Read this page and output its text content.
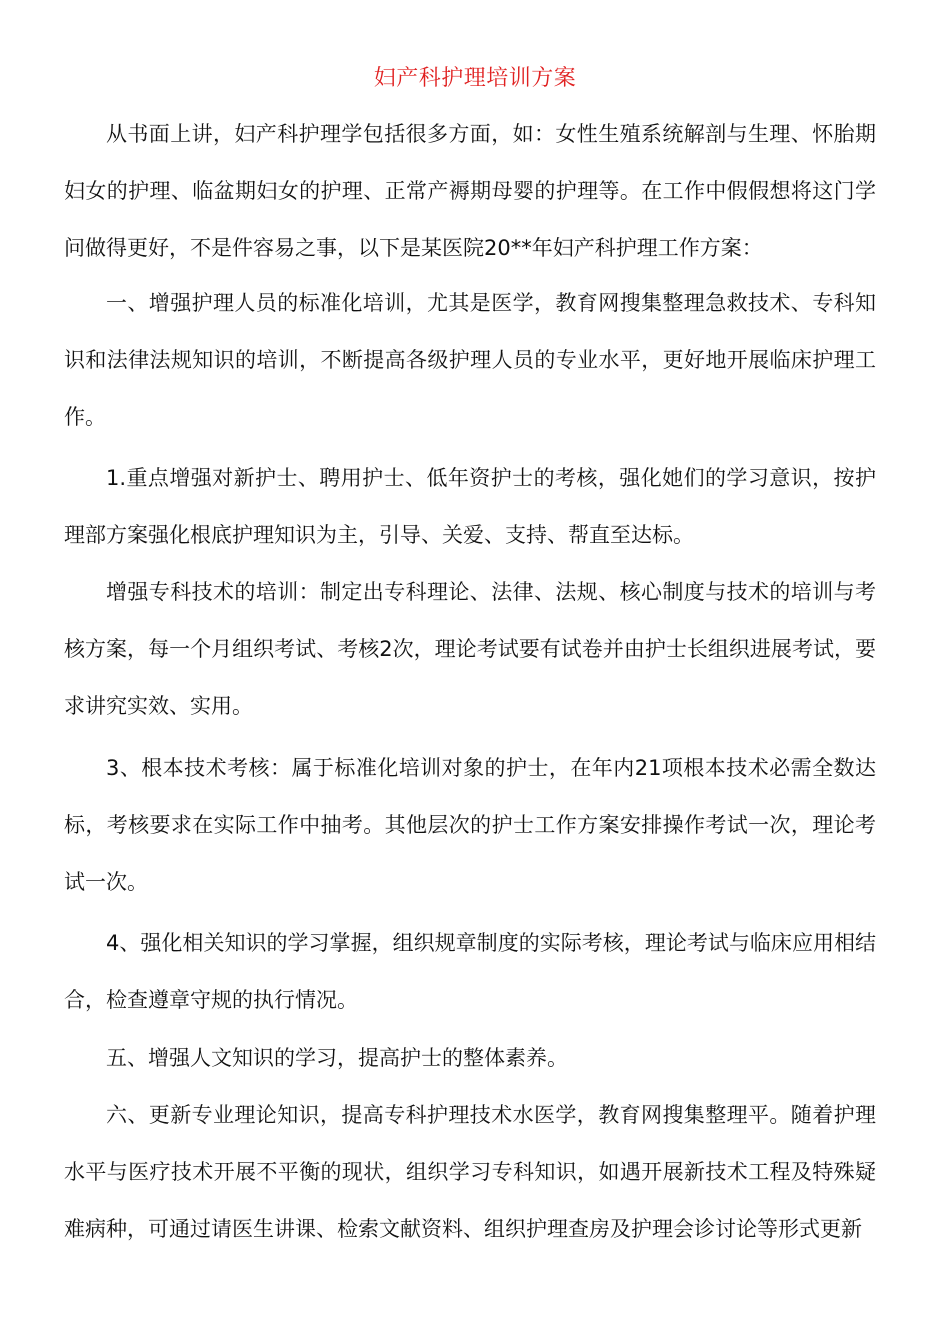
妇产科护理培训方案

从书面上讲，妇产科护理学包括很多方面，如：女性生殖系统解剖与生理、怀胎期妇女的护理、临盆期妇女的护理、正常产褥期母婴的护理等。在工作中假假想将这门学问做得更好，不是件容易之事，以下是某医院20**年妇产科护理工作方案：

一、增强护理人员的标准化培训，尤其是医学，教育网搜集整理急救技术、专科知识和法律法规知识的培训，不断提高各级护理人员的专业水平，更好地开展临床护理工作。

1.重点增强对新护士、聘用护士、低年资护士的考核，强化她们的学习意识，按护理部方案强化根底护理知识为主，引导、关爱、支持、帮直至达标。

增强专科技术的培训：制定出专科理论、法律、法规、核心制度与技术的培训与考核方案，每一个月组织考试、考核2次，理论考试要有试卷并由护士长组织进展考试，要求讲究实效、实用。

3、根本技术考核：属于标准化培训对象的护士，在年内21项根本技术必需全数达标，考核要求在实际工作中抽考。其他层次的护士工作方案安排操作考试一次，理论考试一次。

4、强化相关知识的学习掌握，组织规章制度的实际考核，理论考试与临床应用相结合，检查遵章守规的执行情况。

五、增强人文知识的学习，提高护士的整体素养。

六、更新专业理论知识，提高专科护理技术水医学，教育网搜集整理平。随着护理水平与医疗技术开展不平衡的现状，组织学习专科知识，如遇开展新技术工程及特殊疑难病种，可通过请医生讲课、检索文献资料、组织护理查房及护理会诊讨论等形式更新
